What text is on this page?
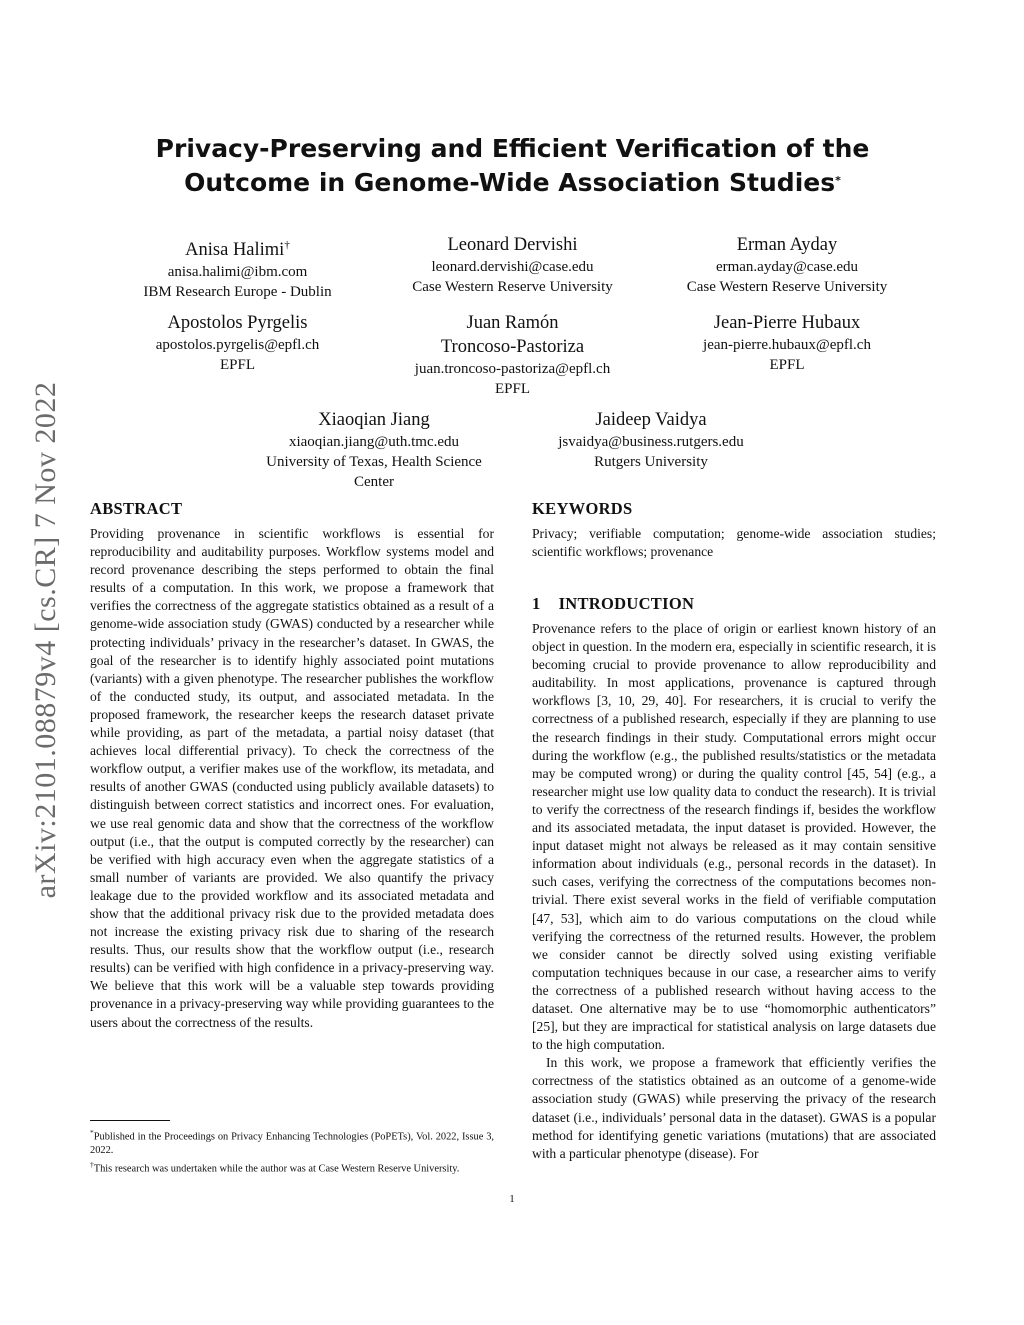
arXiv:2101.08879v4 [cs.CR] 7 Nov 2022
Privacy-Preserving and Efficient Verification of the Outcome in Genome-Wide Association Studies*
Anisa Halimi†
anisa.halimi@ibm.com
IBM Research Europe - Dublin
Leonard Dervishi
leonard.dervishi@case.edu
Case Western Reserve University
Erman Ayday
erman.ayday@case.edu
Case Western Reserve University
Apostolos Pyrgelis
apostolos.pyrgelis@epfl.ch
EPFL
Juan Ramón
Troncoso-Pastoriza
juan.troncoso-pastoriza@epfl.ch
EPFL
Jean-Pierre Hubaux
jean-pierre.hubaux@epfl.ch
EPFL
Xiaoqian Jiang
xiaoqian.jiang@uth.tmc.edu
University of Texas, Health Science
Center
Jaideep Vaidya
jsvaidya@business.rutgers.edu
Rutgers University
ABSTRACT

Providing provenance in scientific workflows is essential for reproducibility and auditability purposes. Workflow systems model and record provenance describing the steps performed to obtain the final results of a computation. In this work, we propose a framework that verifies the correctness of the aggregate statistics obtained as a result of a genome-wide association study (GWAS) conducted by a researcher while protecting individuals’ privacy in the researcher’s dataset. In GWAS, the goal of the researcher is to identify highly associated point mutations (variants) with a given phenotype. The researcher publishes the workflow of the conducted study, its output, and associated metadata. In the proposed framework, the researcher keeps the research dataset private while providing, as part of the metadata, a partial noisy dataset (that achieves local differential privacy). To check the correctness of the workflow output, a verifier makes use of the workflow, its metadata, and results of another GWAS (conducted using publicly available datasets) to distinguish between correct statistics and incorrect ones. For evaluation, we use real genomic data and show that the correctness of the workflow output (i.e., that the output is computed correctly by the researcher) can be verified with high accuracy even when the aggregate statistics of a small number of variants are provided. We also quantify the privacy leakage due to the provided workflow and its associated metadata and show that the additional privacy risk due to the provided metadata does not increase the existing privacy risk due to sharing of the research results. Thus, our results show that the workflow output (i.e., research results) can be verified with high confidence in a privacy-preserving way. We believe that this work will be a valuable step towards providing provenance in a privacy-preserving way while providing guarantees to the users about the correctness of the results.

*Published in the Proceedings on Privacy Enhancing Technologies (PoPETs), Vol. 2022, Issue 3, 2022.

†This research was undertaken while the author was at Case Western Reserve University.

KEYWORDS

Privacy; verifiable computation; genome-wide association studies; scientific workflows; provenance

1 INTRODUCTION

Provenance refers to the place of origin or earliest known history of an object in question. In the modern era, especially in scientific research, it is becoming crucial to provide provenance to allow reproducibility and auditability. In most applications, provenance is captured through workflows [3, 10, 29, 40]. For researchers, it is crucial to verify the correctness of a published research, especially if they are planning to use the research findings in their study. Computational errors might occur during the workflow (e.g., the published results/statistics or the metadata may be computed wrong) or during the quality control [45, 54] (e.g., a researcher might use low quality data to conduct the research). It is trivial to verify the correctness of the research findings if, besides the workflow and its associated metadata, the input dataset is provided. However, the input dataset might not always be released as it may contain sensitive information about individuals (e.g., personal records in the dataset). In such cases, verifying the correctness of the computations becomes non-trivial. There exist several works in the field of verifiable computation [47, 53], which aim to do various computations on the cloud while verifying the correctness of the returned results. However, the problem we consider cannot be directly solved using existing verifiable computation techniques because in our case, a researcher aims to verify the correctness of a published research without having access to the dataset. One alternative may be to use “homomorphic authenticators” [25], but they are impractical for statistical analysis on large datasets due to the high computation.

In this work, we propose a framework that efficiently verifies the correctness of the statistics obtained as an outcome of a genome-wide association study (GWAS) while preserving the privacy of the research dataset (i.e., individuals’ personal data in the dataset). GWAS is a popular method for identifying genetic variations (mutations) that are associated with a particular phenotype (disease). For

1
